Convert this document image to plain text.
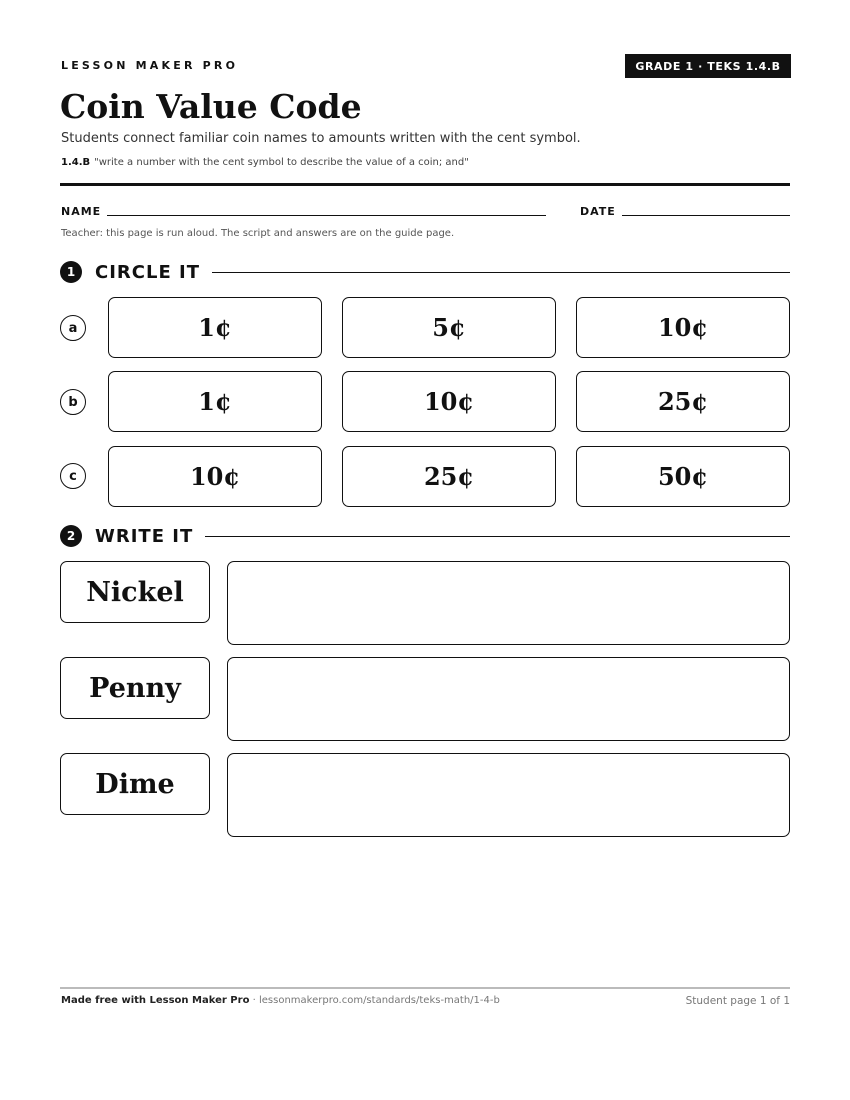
LESSON MAKER PRO	GRADE 1 · TEKS 1.4.B
Coin Value Code
Students connect familiar coin names to amounts written with the cent symbol.
1.4.B "write a number with the cent symbol to describe the value of a coin; and"
NAME	DATE
Teacher: this page is run aloud. The script and answers are on the guide page.
1	CIRCLE IT
a	1¢	5¢	10¢
b	1¢	10¢	25¢
c	10¢	25¢	50¢
2	WRITE IT
Nickel
Penny
Dime
Made free with Lesson Maker Pro · lessonmakerpro.com/standards/teks-math/1-4-b	Student page 1 of 1
